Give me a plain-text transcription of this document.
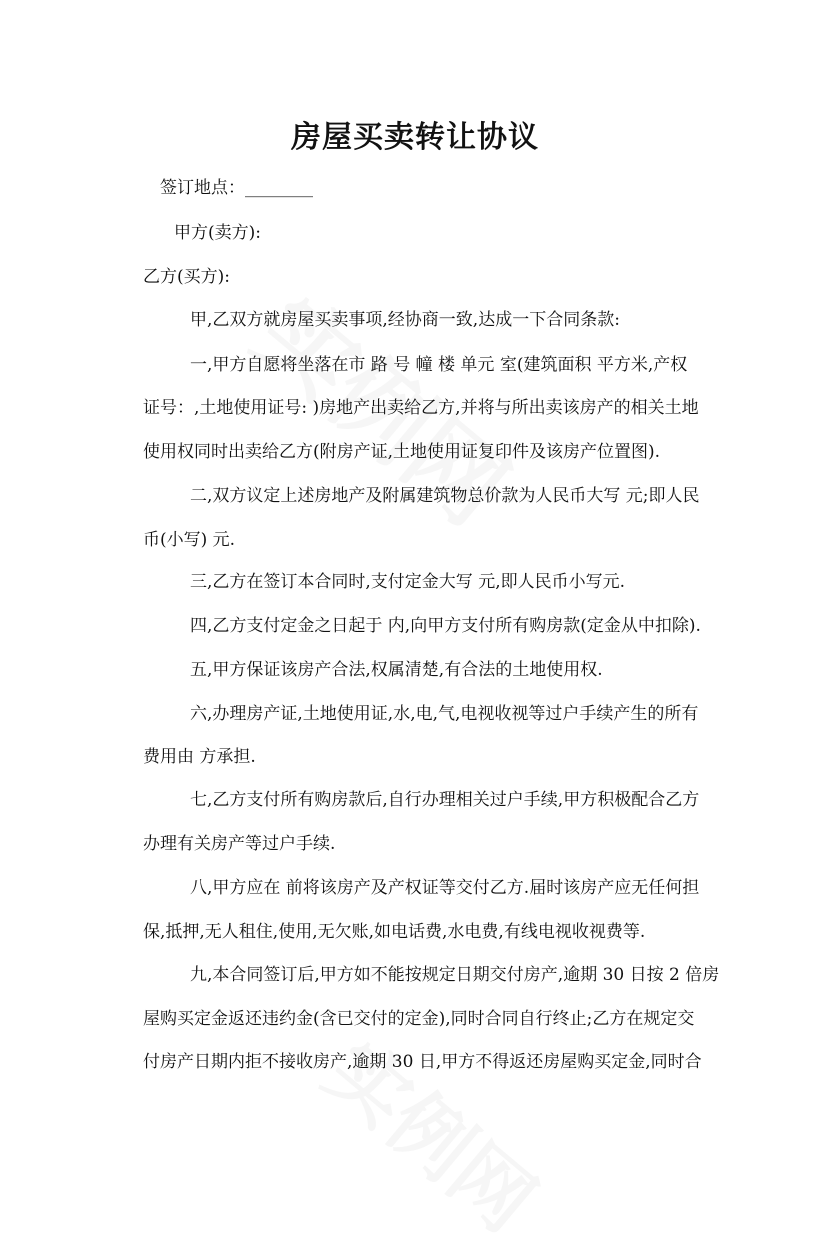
房屋买卖转让协议
签订地点：________
甲方(卖方):
乙方(买方):
甲,乙双方就房屋买卖事项,经协商一致,达成一下合同条款:
一,甲方自愿将坐落在市 路 号 幢 楼 单元 室(建筑面积 平方米,产权
证号：,土地使用证号: )房地产出卖给乙方,并将与所出卖该房产的相关土地
使用权同时出卖给乙方(附房产证,土地使用证复印件及该房产位置图).
二,双方议定上述房地产及附属建筑物总价款为人民币大写 元;即人民
币(小写) 元.
三,乙方在签订本合同时,支付定金大写 元,即人民币小写元.
四,乙方支付定金之日起于 内,向甲方支付所有购房款(定金从中扣除).
五,甲方保证该房产合法,权属清楚,有合法的土地使用权.
六,办理房产证,土地使用证,水,电,气,电视收视等过户手续产生的所有
费用由 方承担.
七,乙方支付所有购房款后,自行办理相关过户手续,甲方积极配合乙方
办理有关房产等过户手续.
八,甲方应在 前将该房产及产权证等交付乙方.届时该房产应无任何担
保,抵押,无人租住,使用,无欠账,如电话费,水电费,有线电视收视费等.
九,本合同签订后,甲方如不能按规定日期交付房产,逾期 30 日按 2 倍房
屋购买定金返还违约金(含已交付的定金),同时合同自行终止;乙方在规定交
付房产日期内拒不接收房产,逾期 30 日,甲方不得返还房屋购买定金,同时合
